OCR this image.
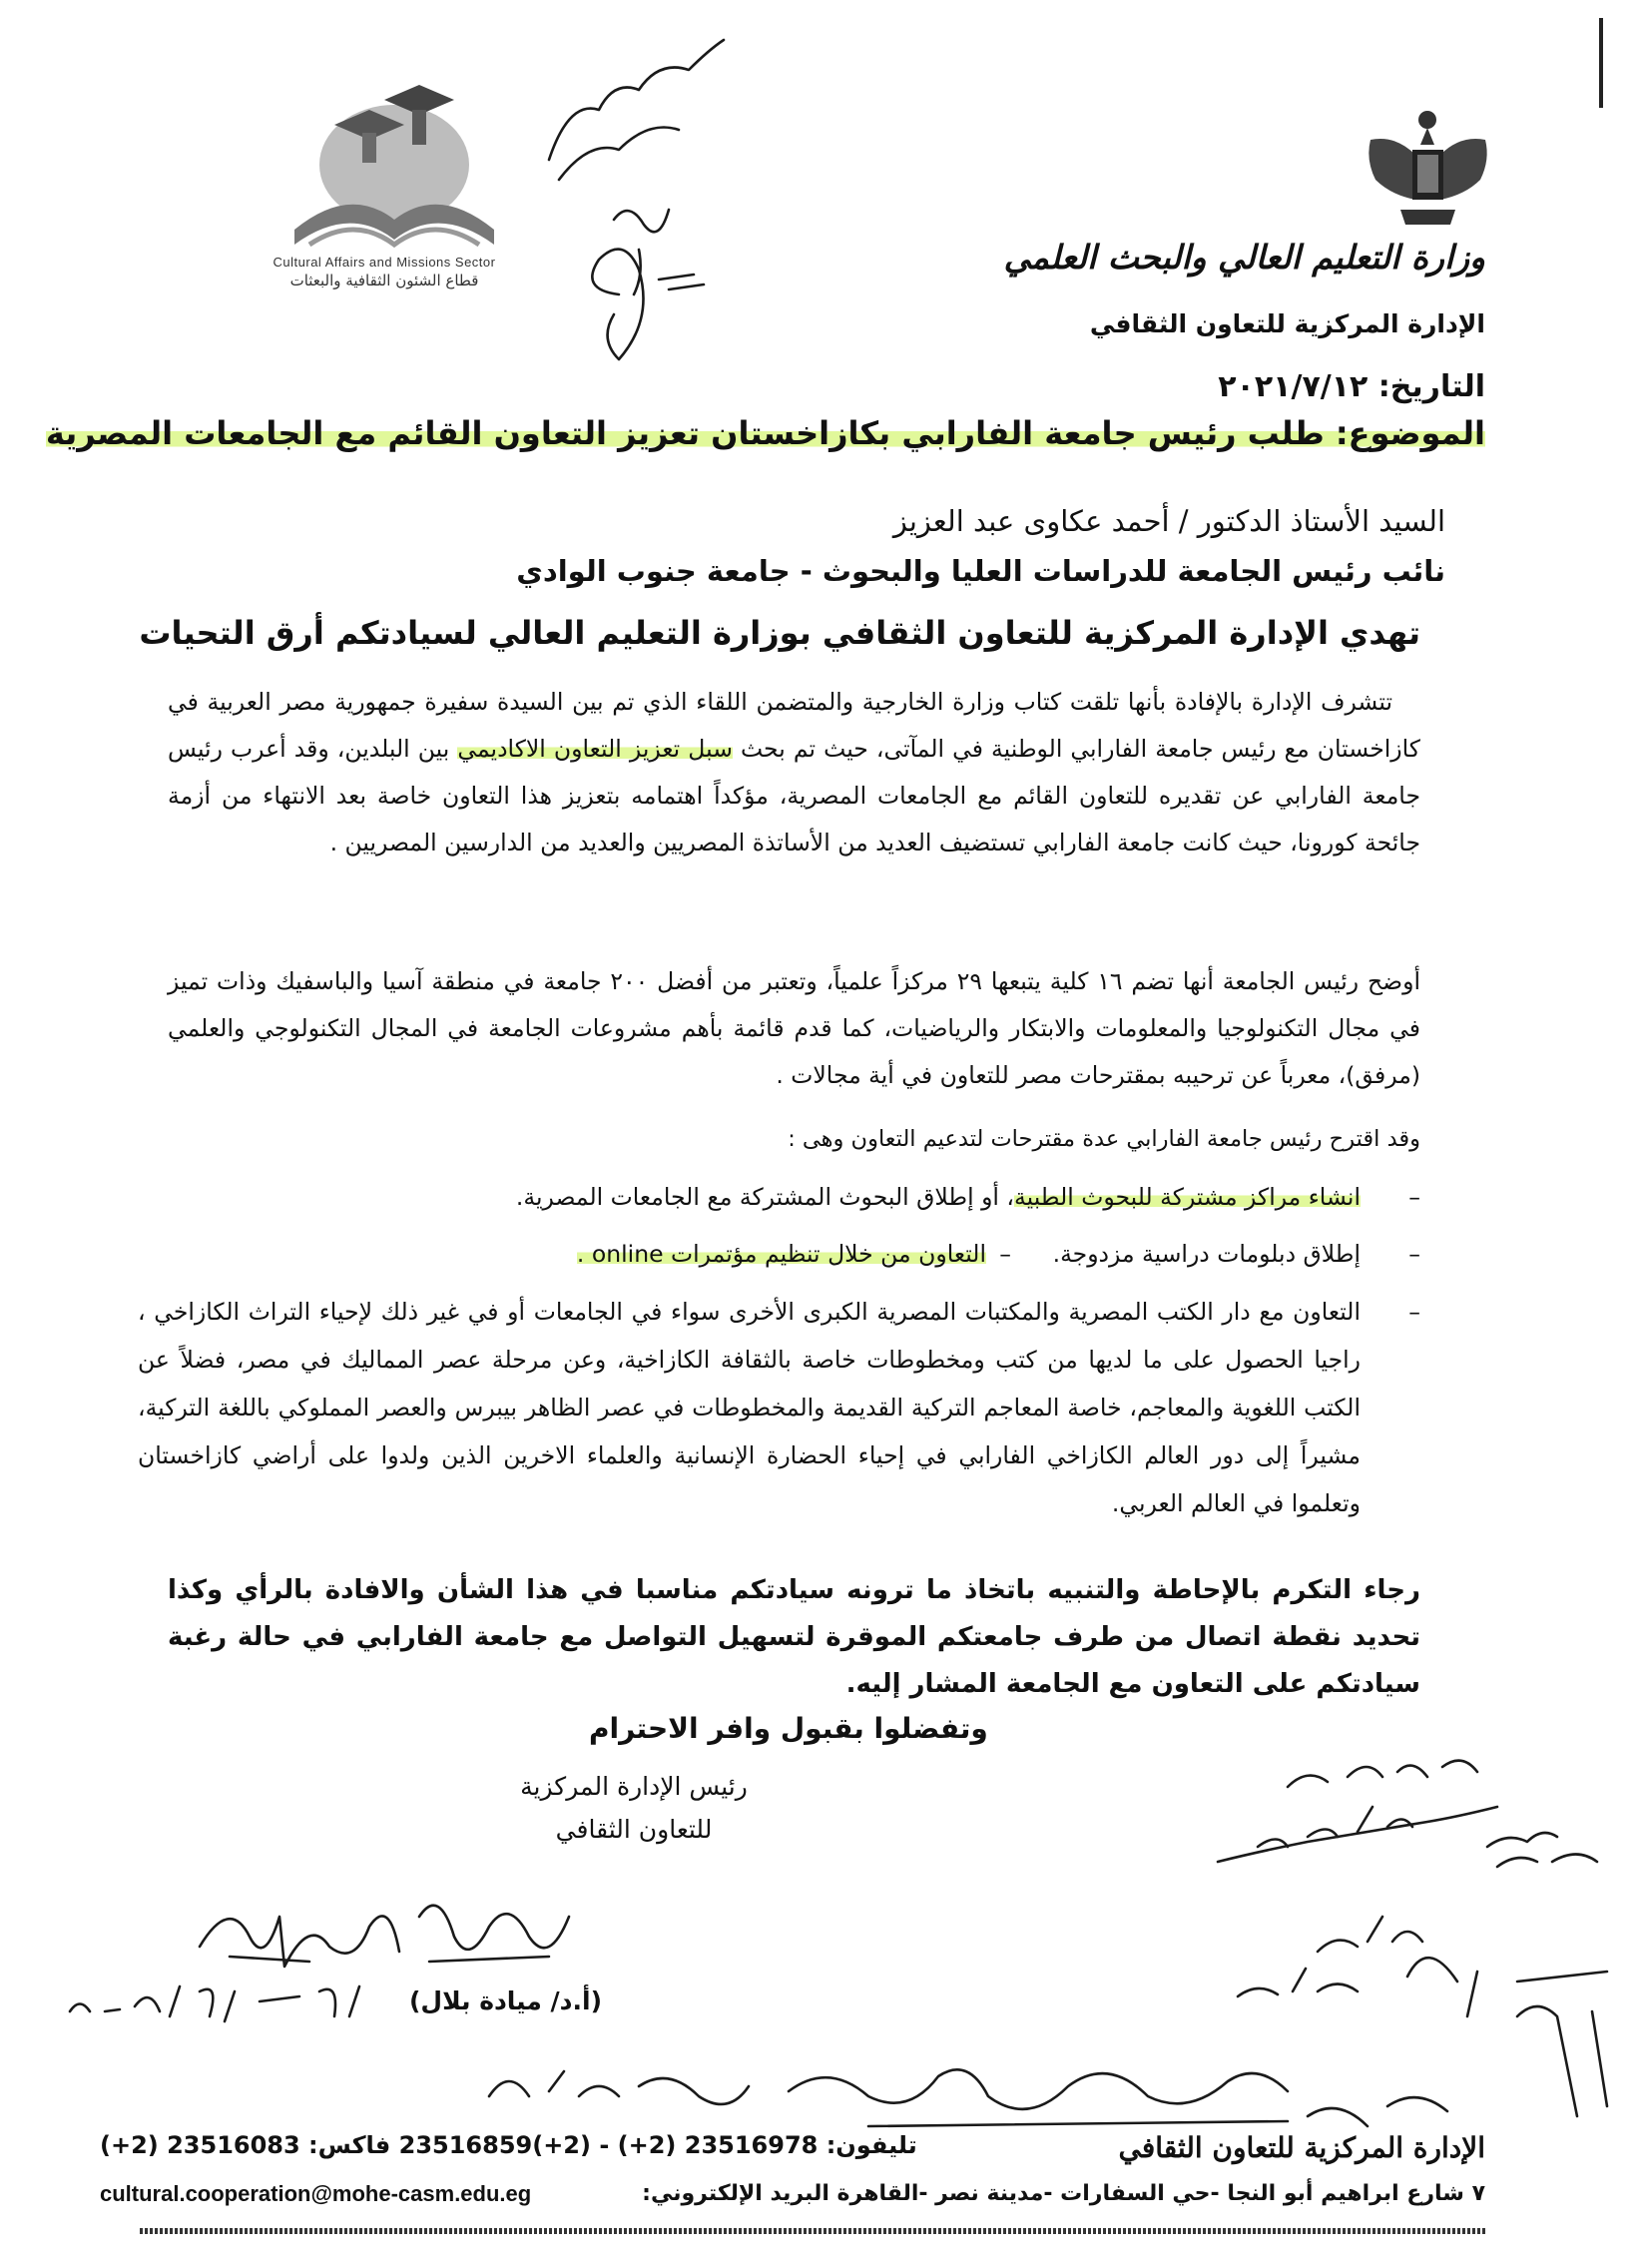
Cultural Affairs and Missions Sector
قطاع الشئون الثقافية والبعثات
وزارة التعليم العالي والبحث العلمي
الإدارة المركزية للتعاون الثقافي
التاريخ: ٢٠٢١/٧/١٢
الموضوع: طلب رئيس جامعة الفارابي بكازاخستان تعزيز التعاون القائم مع الجامعات المصرية
السيد الأستاذ الدكتور / أحمد عكاوى عبد العزيز
نائب رئيس الجامعة للدراسات العليا والبحوث - جامعة جنوب الوادي
تهدي الإدارة المركزية للتعاون الثقافي بوزارة التعليم العالي لسيادتكم أرق التحيات
تتشرف الإدارة بالإفادة بأنها تلقت كتاب وزارة الخارجية والمتضمن اللقاء الذي تم بين السيدة سفيرة جمهورية مصر العربية في كازاخستان مع رئيس جامعة الفارابي الوطنية في المآتى، حيث تم بحث سبل تعزيز التعاون الاكاديمي بين البلدين، وقد أعرب رئيس جامعة الفارابي عن تقديره للتعاون القائم مع الجامعات المصرية، مؤكداً اهتمامه بتعزيز هذا التعاون خاصة بعد الانتهاء من أزمة جائحة كورونا، حيث كانت جامعة الفارابي تستضيف العديد من الأساتذة المصريين والعديد من الدارسين المصريين .
أوضح رئيس الجامعة أنها تضم ١٦ كلية يتبعها ٢٩ مركزاً علمياً، وتعتبر من أفضل ٢٠٠ جامعة في منطقة آسيا والباسفيك وذات تميز في مجال التكنولوجيا والمعلومات والابتكار والرياضيات، كما قدم قائمة بأهم مشروعات الجامعة في المجال التكنولوجي والعلمي (مرفق)، معرباً عن ترحيبه بمقترحات مصر للتعاون في أية مجالات .
وقد اقترح رئيس جامعة الفارابي عدة مقترحات لتدعيم التعاون وهى :
–
انشاء مراكز مشتركة للبحوث الطبية، أو إطلاق البحوث المشتركة مع الجامعات المصرية.
–
إطلاق دبلومات دراسية مزدوجة.
–
التعاون من خلال تنظيم مؤتمرات online .
–
التعاون مع دار الكتب المصرية والمكتبات المصرية الكبرى الأخرى سواء في الجامعات أو في غير ذلك لإحياء التراث الكازاخي ، راجيا الحصول على ما لديها من كتب ومخطوطات خاصة بالثقافة الكازاخية، وعن مرحلة عصر المماليك في مصر، فضلاً عن الكتب اللغوية والمعاجم، خاصة المعاجم التركية القديمة والمخطوطات في عصر الظاهر بيبرس والعصر المملوكي باللغة التركية، مشيراً إلى دور العالم الكازاخي الفارابي في إحياء الحضارة الإنسانية والعلماء الاخرين الذين ولدوا على أراضي كازاخستان وتعلموا في العالم العربي.
رجاء التكرم بالإحاطة والتنبيه باتخاذ ما ترونه سيادتكم مناسبا في هذا الشأن والافادة بالرأي وكذا تحديد نقطة اتصال من طرف جامعتكم الموقرة لتسهيل التواصل مع جامعة الفارابي في حالة رغبة سيادتكم على التعاون مع الجامعة المشار إليه.
وتفضلوا بقبول وافر الاحترام
رئيس الإدارة المركزية
للتعاون الثقافي
(أ.د/ ميادة بلال)
الإدارة المركزية للتعاون الثقافي
تليفون: 23516978 (2+) - (2+)23516859 فاكس: 23516083 (2+)
cultural.cooperation@mohe-casm.edu.eg	٧ شارع ابراهيم أبو النجا -حي السفارات -مدينة نصر -القاهرة البريد الإلكتروني:
